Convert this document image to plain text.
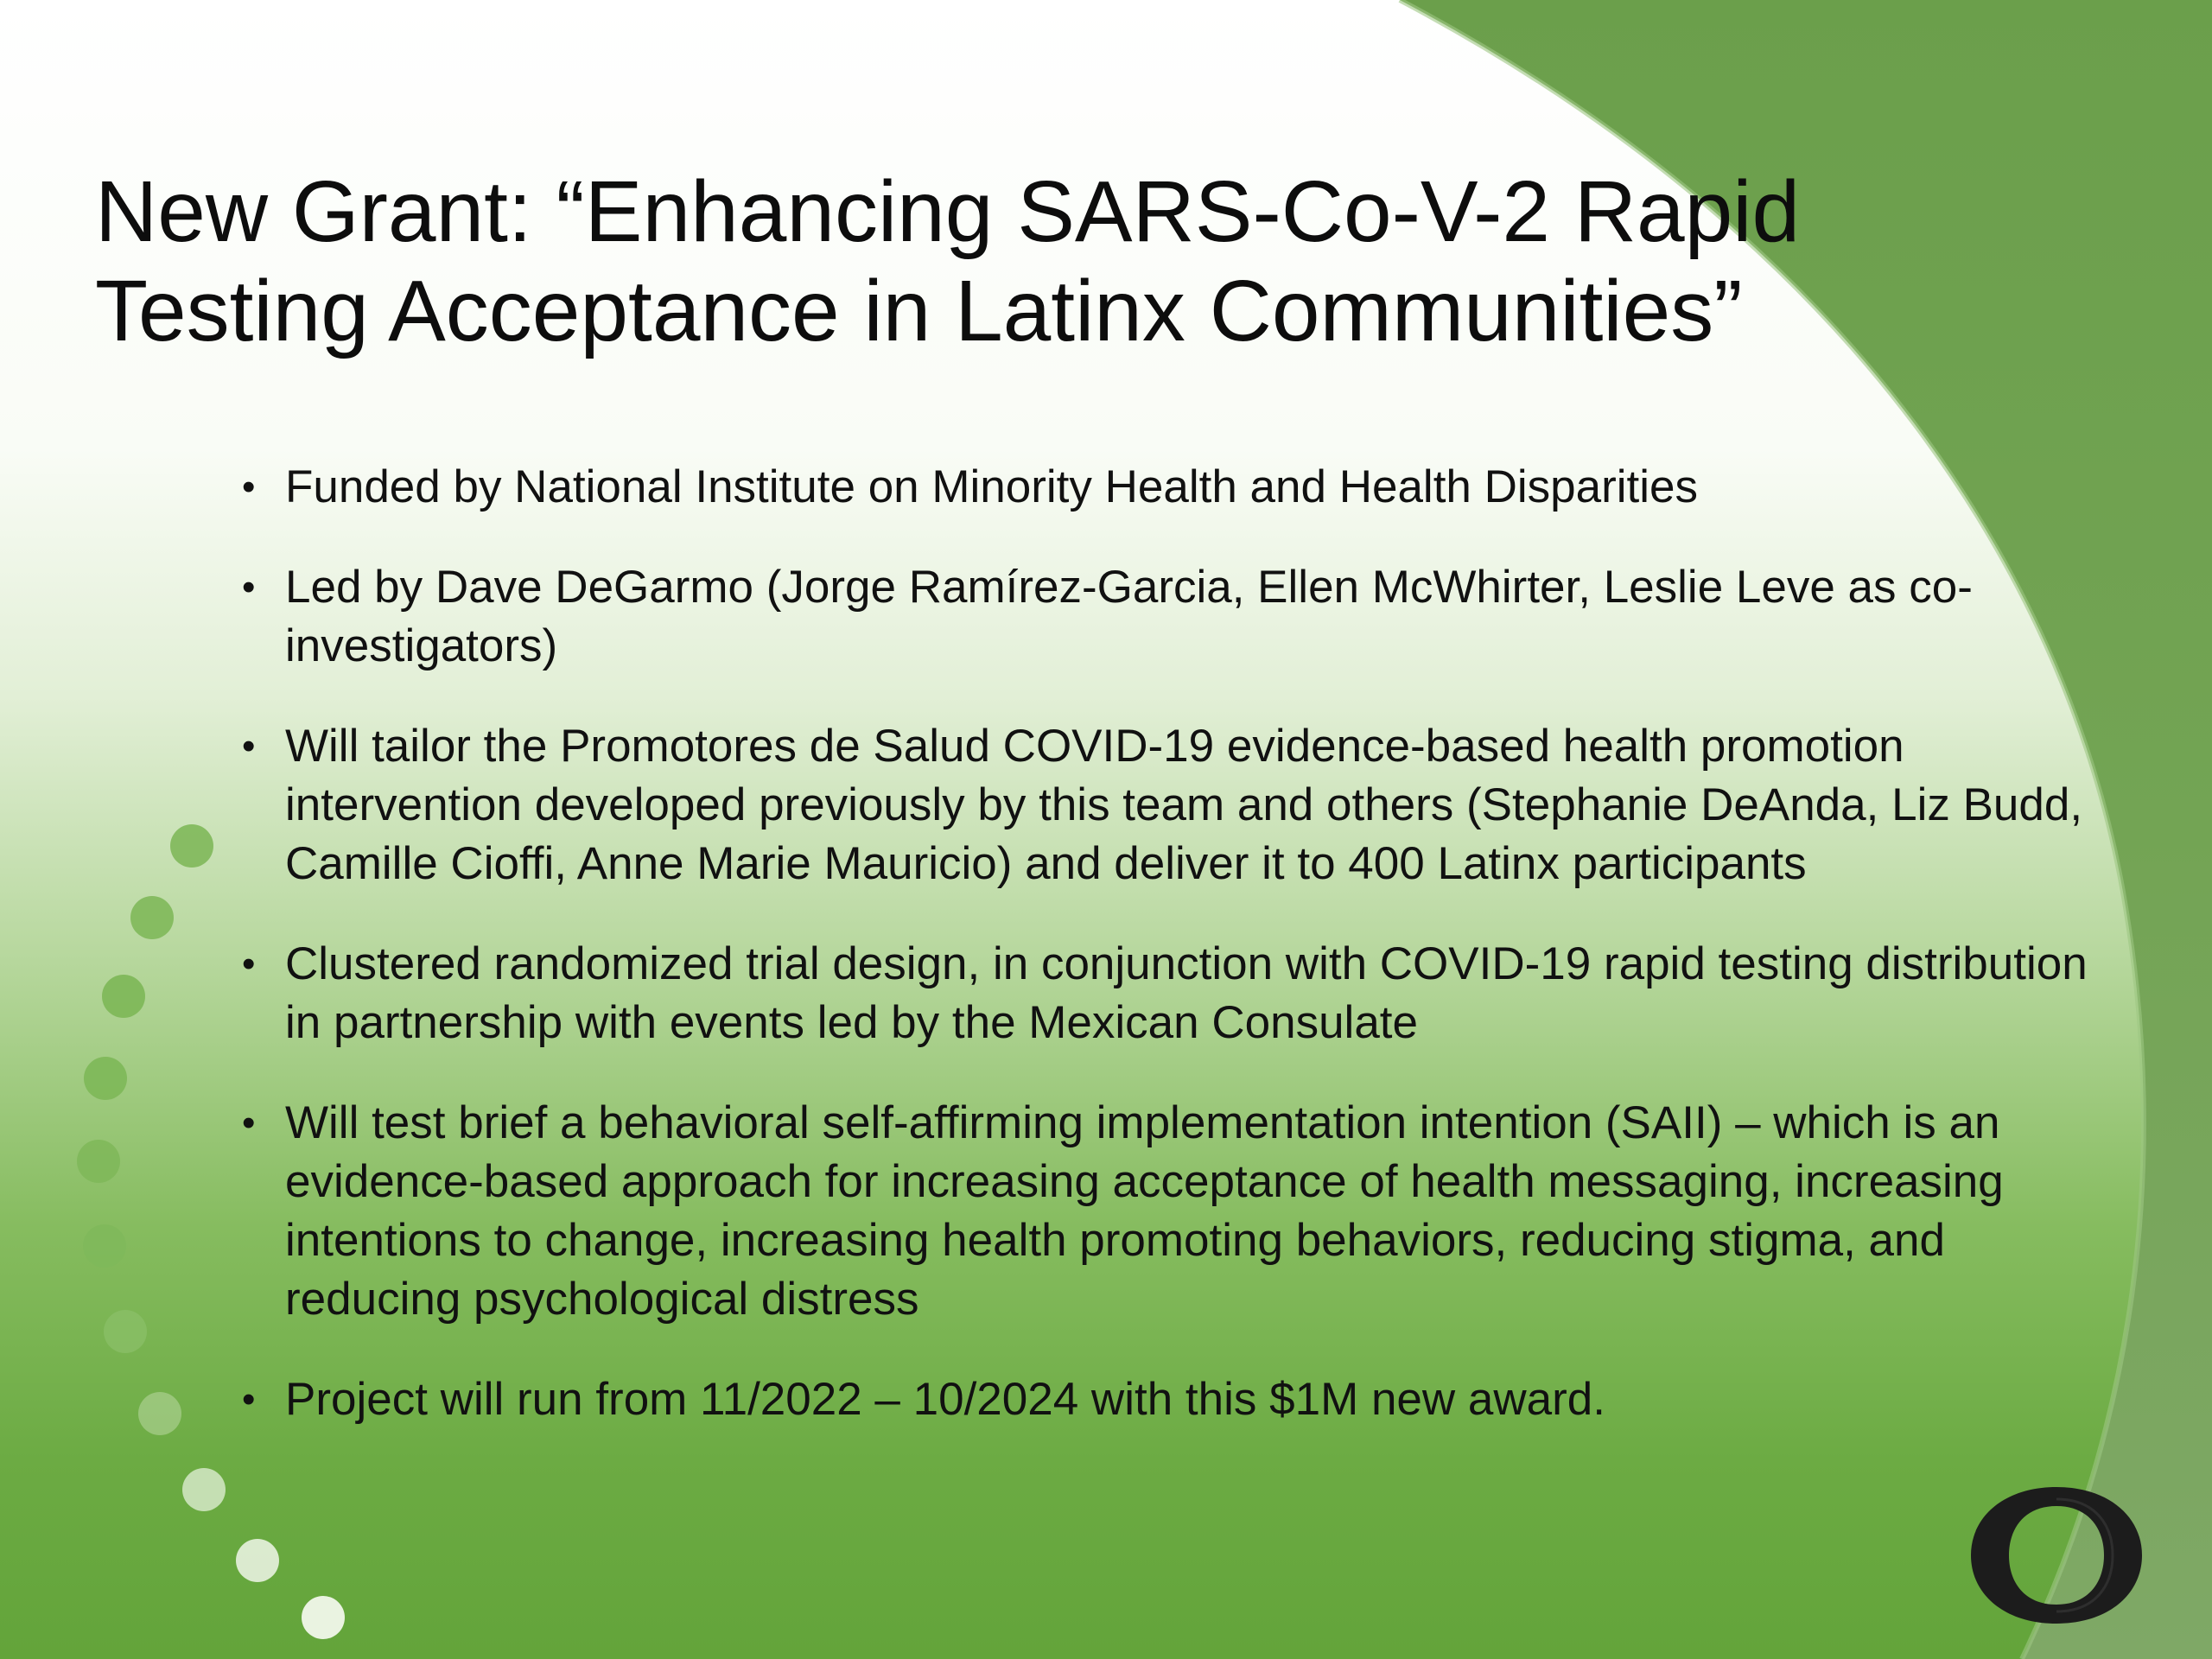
New Grant: “Enhancing SARS-Co-V-2 Rapid
Testing Acceptance in Latinx Communities”
• Funded by National Institute on Minority Health and Health Disparities
• Led by Dave DeGarmo (Jorge Ramírez-Garcia, Ellen McWhirter, Leslie Leve as co-investigators)
• Will tailor the Promotores de Salud COVID-19 evidence-based health promotion intervention developed previously by this team and others (Stephanie DeAnda, Liz Budd, Camille Cioffi, Anne Marie Mauricio) and deliver it to 400 Latinx participants
• Clustered randomized trial design, in conjunction with COVID-19 rapid testing distribution in partnership with events led by the Mexican Consulate
• Will test brief a behavioral self-affirming implementation intention (SAII) – which is an evidence-based approach for increasing acceptance of health messaging, increasing intentions to change, increasing health promoting behaviors, reducing stigma, and reducing psychological distress
• Project will run from 11/2022 – 10/2024 with this $1M new award.
